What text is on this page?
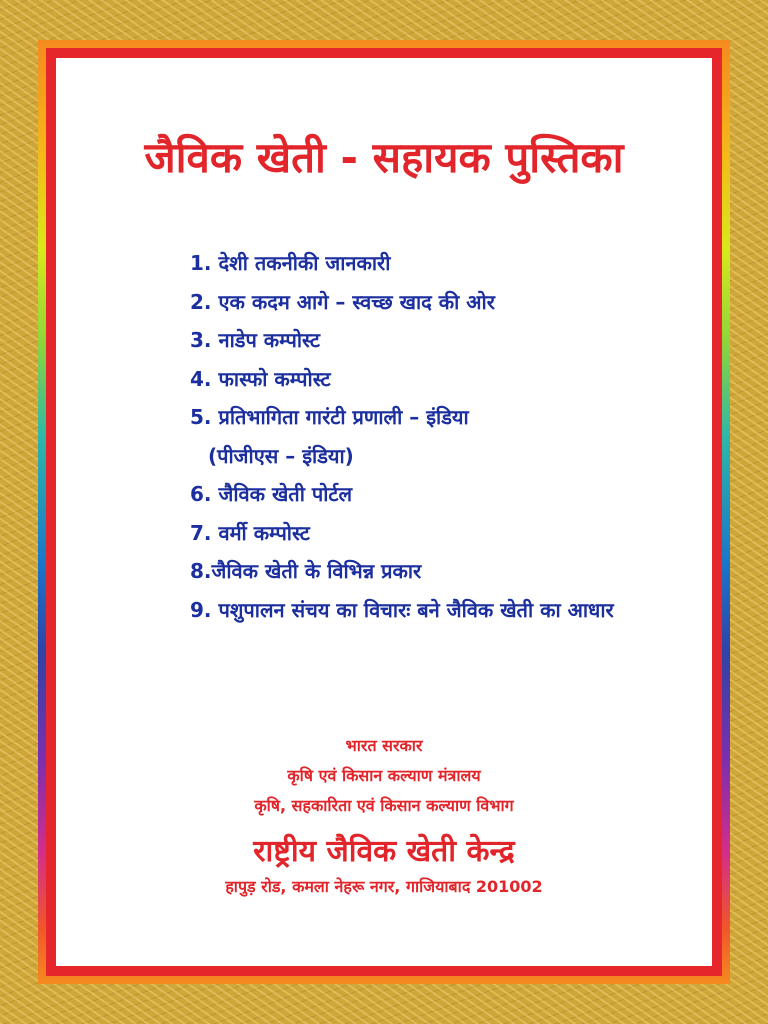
जैविक खेती - सहायक पुस्तिका
1. देशी तकनीकी जानकारी
2. एक कदम आगे – स्वच्छ खाद की ओर
3. नाडेप कम्पोस्ट
4. फास्फो कम्पोस्ट
5. प्रतिभागिता गारंटी प्रणाली – इंडिया
(पीजीएस – इंडिया)
6. जैविक खेती पोर्टल
7. वर्मी कम्पोस्ट
8.जैविक खेती के विभिन्न प्रकार
9. पशुपालन संचय का विचारः बने जैविक खेती का आधार
भारत सरकार
कृषि एवं किसान कल्याण मंत्रालय
कृषि, सहकारिता एवं किसान कल्याण विभाग
राष्ट्रीय जैविक खेती केन्द्र
हापुड़ रोड, कमला नेहरू नगर, गाजियाबाद 201002
